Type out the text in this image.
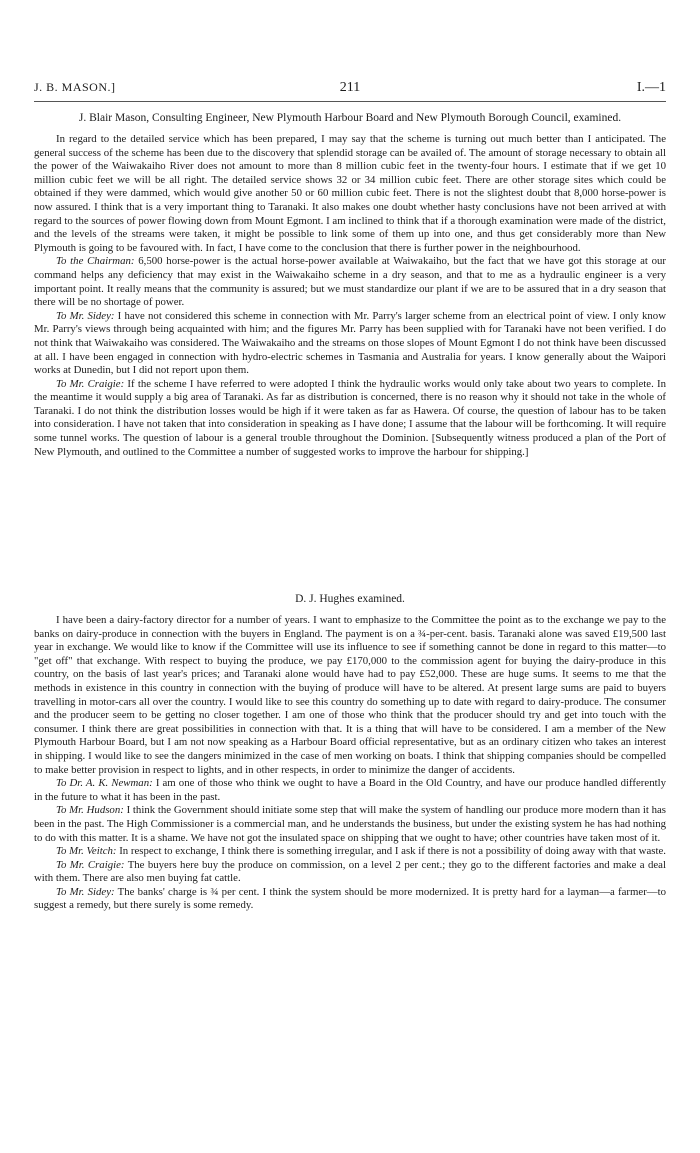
J. B. MASON.]	211	I.—1
J. Blair Mason, Consulting Engineer, New Plymouth Harbour Board and New Plymouth Borough Council, examined.

In regard to the detailed service which has been prepared, I may say that the scheme is turning out much better than I anticipated. The general success of the scheme has been due to the discovery that splendid storage can be availed of. The amount of storage necessary to obtain all the power of the Waiwakaiho River does not amount to more than 8 million cubic feet in the twenty-four hours. I estimate that if we get 10 million cubic feet we will be all right. The detailed service shows 32 or 34 million cubic feet. There are other storage sites which could be obtained if they were dammed, which would give another 50 or 60 million cubic feet. There is not the slightest doubt that 8,000 horse-power is now assured. I think that is a very important thing to Taranaki. It also makes one doubt whether hasty conclusions have not been arrived at with regard to the sources of power flowing down from Mount Egmont. I am inclined to think that if a thorough examination were made of the district, and the levels of the streams were taken, it might be possible to link some of them up into one, and thus get considerably more than New Plymouth is going to be favoured with. In fact, I have come to the conclusion that there is further power in the neighbourhood.

To the Chairman: 6,500 horse-power is the actual horse-power available at Waiwakaiho, but the fact that we have got this storage at our command helps any deficiency that may exist in the Waiwakaiho scheme in a dry season, and that to me as a hydraulic engineer is a very important point. It really means that the community is assured; but we must standardize our plant if we are to be assured that in a dry season that there will be no shortage of power.

To Mr. Sidey: I have not considered this scheme in connection with Mr. Parry's larger scheme from an electrical point of view. I only know Mr. Parry's views through being acquainted with him; and the figures Mr. Parry has been supplied with for Taranaki have not been verified. I do not think that Waiwakaiho was considered. The Waiwakaiho and the streams on those slopes of Mount Egmont I do not think have been discussed at all. I have been engaged in connection with hydro-electric schemes in Tasmania and Australia for years. I know generally about the Waipori works at Dunedin, but I did not report upon them.

To Mr. Craigie: If the scheme I have referred to were adopted I think the hydraulic works would only take about two years to complete. In the meantime it would supply a big area of Taranaki. As far as distribution is concerned, there is no reason why it should not take in the whole of Taranaki. I do not think the distribution losses would be high if it were taken as far as Hawera. Of course, the question of labour has to be taken into consideration. I have not taken that into consideration in speaking as I have done; I assume that the labour will be forthcoming. It will require some tunnel works. The question of labour is a general trouble throughout the Dominion. [Subsequently witness produced a plan of the Port of New Plymouth, and outlined to the Committee a number of suggested works to improve the harbour for shipping.]

D. J. Hughes examined.

I have been a dairy-factory director for a number of years. I want to emphasize to the Committee the point as to the exchange we pay to the banks on dairy-produce in connection with the buyers in England. The payment is on a ¾-per-cent. basis. Taranaki alone was saved £19,500 last year in exchange. We would like to know if the Committee will use its influence to see if something cannot be done in regard to this matter—to "get off" that exchange. With respect to buying the produce, we pay £170,000 to the commission agent for buying the dairy-produce in this country, on the basis of last year's prices; and Taranaki alone would have had to pay £52,000. These are huge sums. It seems to me that the methods in existence in this country in connection with the buying of produce will have to be altered. At present large sums are paid to buyers travelling in motor-cars all over the country. I would like to see this country do something up to date with regard to dairy-produce. The consumer and the producer seem to be getting no closer together. I am one of those who think that the producer should try and get into touch with the consumer. I think there are great possibilities in connection with that. It is a thing that will have to be considered. I am a member of the New Plymouth Harbour Board, but I am not now speaking as a Harbour Board official representative, but as an ordinary citizen who takes an interest in shipping. I would like to see the dangers minimized in the case of men working on boats. I think that shipping companies should be compelled to make better provision in respect to lights, and in other respects, in order to minimize the danger of accidents.

To Dr. A. K. Newman: I am one of those who think we ought to have a Board in the Old Country, and have our produce handled differently in the future to what it has been in the past.

To Mr. Hudson: I think the Government should initiate some step that will make the system of handling our produce more modern than it has been in the past. The High Commissioner is a commercial man, and he understands the business, but under the existing system he has had nothing to do with this matter. It is a shame. We have not got the insulated space on shipping that we ought to have; other countries have taken most of it.

To Mr. Veitch: In respect to exchange, I think there is something irregular, and I ask if there is not a possibility of doing away with that waste.

To Mr. Craigie: The buyers here buy the produce on commission, on a level 2 per cent.; they go to the different factories and make a deal with them. There are also men buying fat cattle.

To Mr. Sidey: The banks' charge is ¾ per cent. I think the system should be more modernized. It is pretty hard for a layman—a farmer—to suggest a remedy, but there surely is some remedy.
